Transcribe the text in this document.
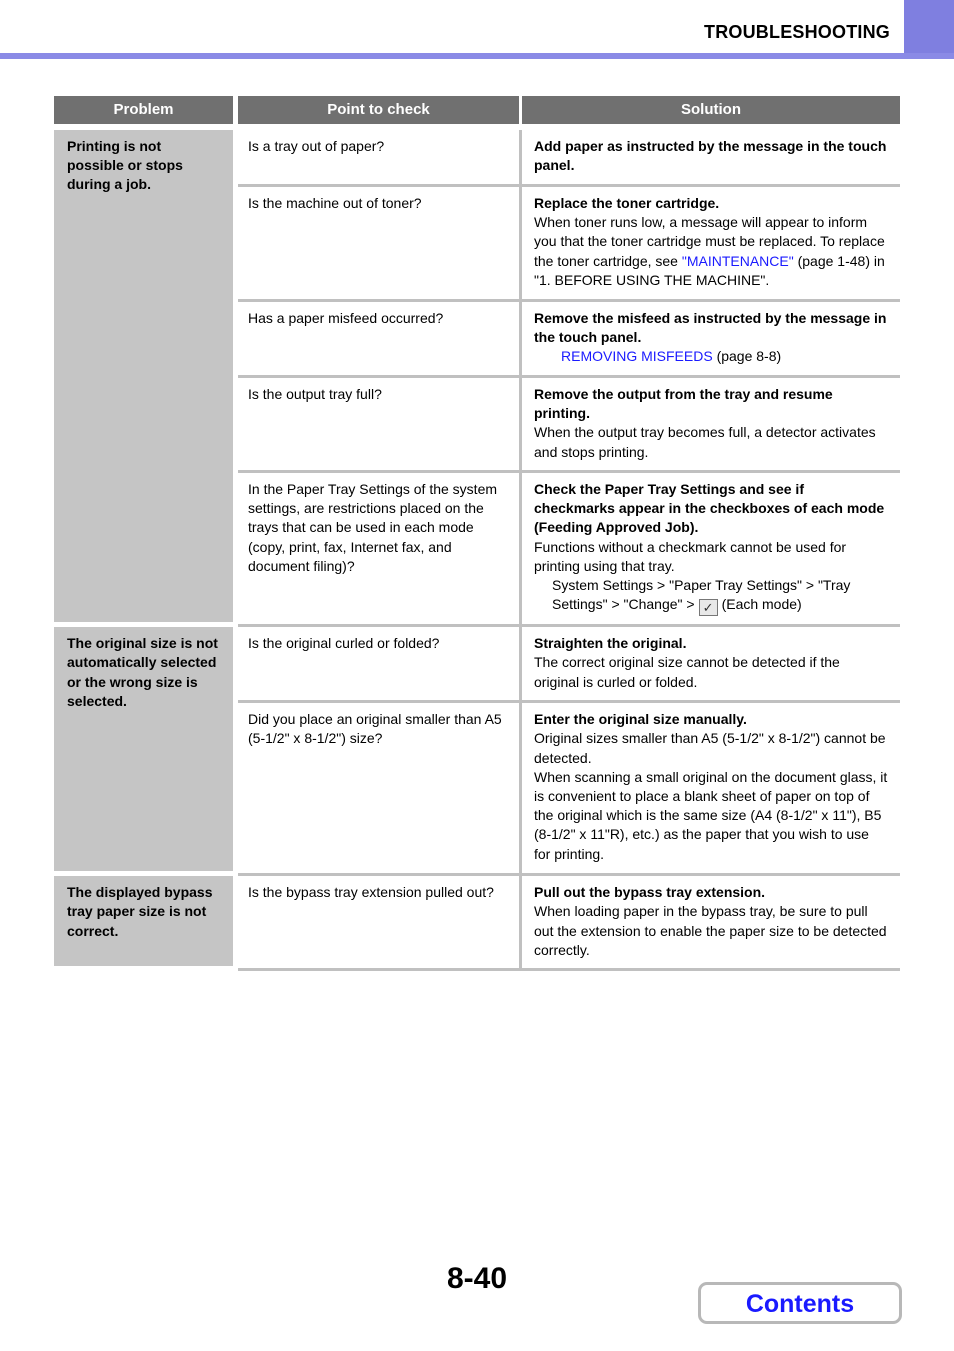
TROUBLESHOOTING
Problem	Point to check	Solution
Printing is not possible or stops during a job.	Is a tray out of paper?	Add paper as instructed by the message in the touch panel.

	Is the machine out of toner?	Replace the toner cartridge.
When toner runs low, a message will appear to inform you that the toner cartridge must be replaced. To replace the toner cartridge, see "MAINTENANCE" (page 1-48) in "1. BEFORE USING THE MACHINE".

	Has a paper misfeed occurred?	Remove the misfeed as instructed by the message in the touch panel.
REMOVING MISFEEDS (page 8-8)

	Is the output tray full?	Remove the output from the tray and resume printing.
When the output tray becomes full, a detector activates and stops printing.

	In the Paper Tray Settings of the system settings, are restrictions placed on the trays that can be used in each mode (copy, print, fax, Internet fax, and document filing)?	Check the Paper Tray Settings and see if checkmarks appear in the checkboxes of each mode (Feeding Approved Job).
Functions without a checkmark cannot be used for printing using that tray.
System Settings > "Paper Tray Settings" > "Tray Settings" > "Change" > ✓ (Each mode)

The original size is not automatically selected or the wrong size is selected.	Is the original curled or folded?	Straighten the original.
The correct original size cannot be detected if the original is curled or folded.

	Did you place an original smaller than A5 (5-1/2" x 8-1/2") size?	Enter the original size manually.
Original sizes smaller than A5 (5-1/2" x 8-1/2") cannot be detected.
When scanning a small original on the document glass, it is convenient to place a blank sheet of paper on top of the original which is the same size (A4 (8-1/2" x 11"), B5 (8-1/2" x 11"R), etc.) as the paper that you wish to use for printing.

The displayed bypass tray paper size is not correct.	Is the bypass tray extension pulled out?	Pull out the bypass tray extension.
When loading paper in the bypass tray, be sure to pull out the extension to enable the paper size to be detected correctly.
8-40
Contents
